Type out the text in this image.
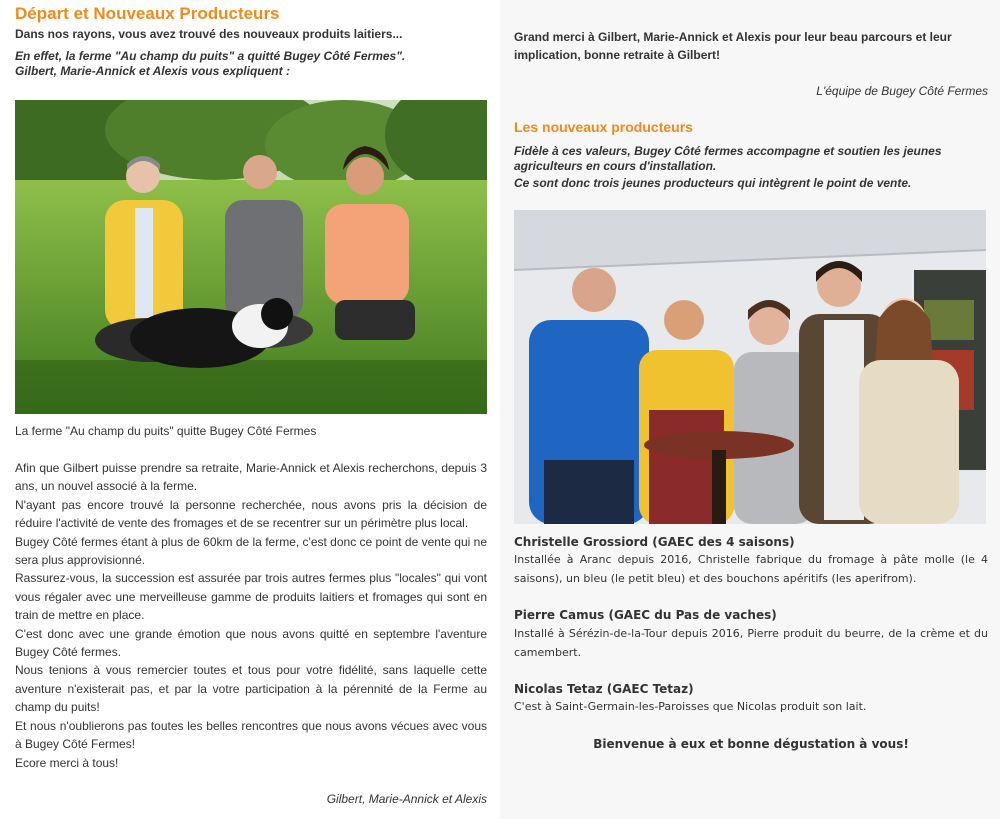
Départ et Nouveaux Producteurs
Dans nos rayons, vous avez trouvé des nouveaux produits laitiers...
En effet, la ferme "Au champ du puits" a quitté Bugey Côté Fermes".
Gilbert, Marie-Annick et Alexis vous expliquent :
La ferme "Au champ du puits" quitte Bugey Côté Fermes

Afin que Gilbert puisse prendre sa retraite, Marie-Annick et Alexis recherchons, depuis 3 ans, un nouvel associé à la ferme.

N'ayant pas encore trouvé la personne recherchée, nous avons pris la décision de réduire l'activité de vente des fromages et de se recentrer sur un périmètre plus local.

Bugey Côté fermes étant à plus de 60km de la ferme, c'est donc ce point de vente qui ne sera plus approvisionné.

Rassurez-vous, la succession est assurée par trois autres fermes plus "locales" qui vont vous régaler avec une merveilleuse gamme de produits laitiers et fromages qui sont en train de mettre en place.

C'est donc avec une grande émotion que nous avons quitté en septembre l'aventure Bugey Côté fermes.

Nous tenions à vous remercier toutes et tous pour votre fidélité, sans laquelle cette aventure n'existerait pas, et par la votre participation à la pérennité de la Ferme au champ du puits!

Et nous n'oublierons pas toutes les belles rencontres que nous avons vécues avec vous à Bugey Côté Fermes!

Ecore merci à tous!

Gilbert, Marie-Annick et Alexis
Grand merci à Gilbert, Marie-Annick et Alexis pour leur beau parcours et leur implication, bonne retraite à Gilbert!
L'équipe de Bugey Côté Fermes
Les nouveaux producteurs
Fidèle à ces valeurs, Bugey Côté fermes accompagne et soutien les jeunes agriculteurs en cours d'installation.
Ce sont donc trois jeunes producteurs qui intègrent le point de vente.
Christelle Grossiord (GAEC des 4 saisons)
Installée à Aranc depuis 2016, Christelle fabrique du fromage à pâte molle (le 4 saisons), un bleu (le petit bleu) et des bouchons apéritifs (les aperifrom).
Pierre Camus (GAEC du Pas de vaches)
Installé à Sérézin-de-la-Tour depuis 2016, Pierre produit du beurre, de la crème et du camembert.
Nicolas Tetaz (GAEC Tetaz)
C'est à Saint-Germain-les-Paroisses que Nicolas produit son lait.
Bienvenue à eux et bonne dégustation à vous!
